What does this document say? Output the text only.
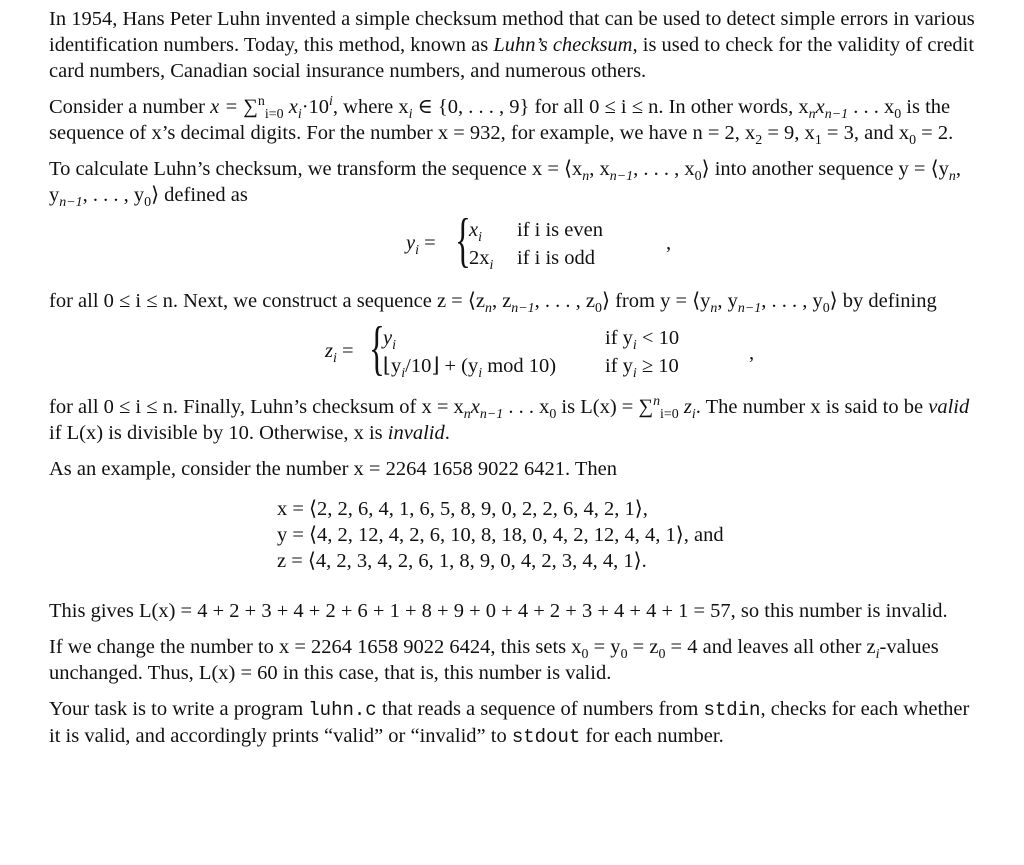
In 1954, Hans Peter Luhn invented a simple checksum method that can be used to detect simple errors in various identification numbers. Today, this method, known as Luhn’s checksum, is used to check for the validity of credit card numbers, Canadian social insurance numbers, and numerous others.

Consider a number x = ∑$^n_{i=0}$ $x_i\cdot 10^i$, where $x_i$ ∈ {0, . . . , 9} for all 0 ≤ i ≤ n. In other words, $x_nx_{n-1}$ . . . $x_0$ is the sequence of x’s decimal digits. For the number x = 932, for example, we have n = 2, $x_2 = 9$, $x_1 = 3$, and $x_0 = 2$.

To calculate Luhn’s checksum, we transform the sequence $x = ⟨x_n$, $x_{n-1}$, . . . , $x_0⟩$ into another sequence $y = ⟨y_n$, $y_{n-1}$, . . . , $y_0⟩$ defined as

$y_i$ = {
$x_i$
$2x_i$
if i is even
if i is odd
,

for all 0 ≤ i ≤ n. Next, we construct a sequence $z = ⟨z_n$, $z_{n-1}$, . . . , $z_0⟩$ from $y = ⟨y_n$, $y_{n-1}$, . . . , $y_0⟩$ by defining

$z_i$ = {
$y_i$
$⌊y_i/10⌋ + (y_i$ mod 10)
if $y_i < 10$
if $y_i \ge 10$
,

for all 0 ≤ i ≤ n. Finally, Luhn’s checksum of $x = x_nx_{n-1}$ . . . $x_0$ is L(x) = ∑$^n_{i=0}$ $z_i$. The number x is said to be valid if L(x) is divisible by 10. Otherwise, x is invalid.

As an example, consider the number x = 2264 1658 9022 6421. Then

x = ⟨2, 2, 6, 4, 1, 6, 5, 8, 9, 0, 2, 2, 6, 4, 2, 1⟩,
y = ⟨4, 2, 12, 4, 2, 6, 10, 8, 18, 0, 4, 2, 12, 4, 4, 1⟩, and
z = ⟨4, 2, 3, 4, 2, 6, 1, 8, 9, 0, 4, 2, 3, 4, 4, 1⟩.

This gives L(x) = 4 + 2 + 3 + 4 + 2 + 6 + 1 + 8 + 9 + 0 + 4 + 2 + 3 + 4 + 4 + 1 = 57, so this number is invalid.

If we change the number to x = 2264 1658 9022 6424, this sets $x_0 = y_0 = z_0 = 4$ and leaves all other $z_i$-values unchanged. Thus, L(x) = 60 in this case, that is, this number is valid.

Your task is to write a program luhn.c that reads a sequence of numbers from stdin, checks for each whether it is valid, and accordingly prints “valid” or “invalid” to stdout for each number.
